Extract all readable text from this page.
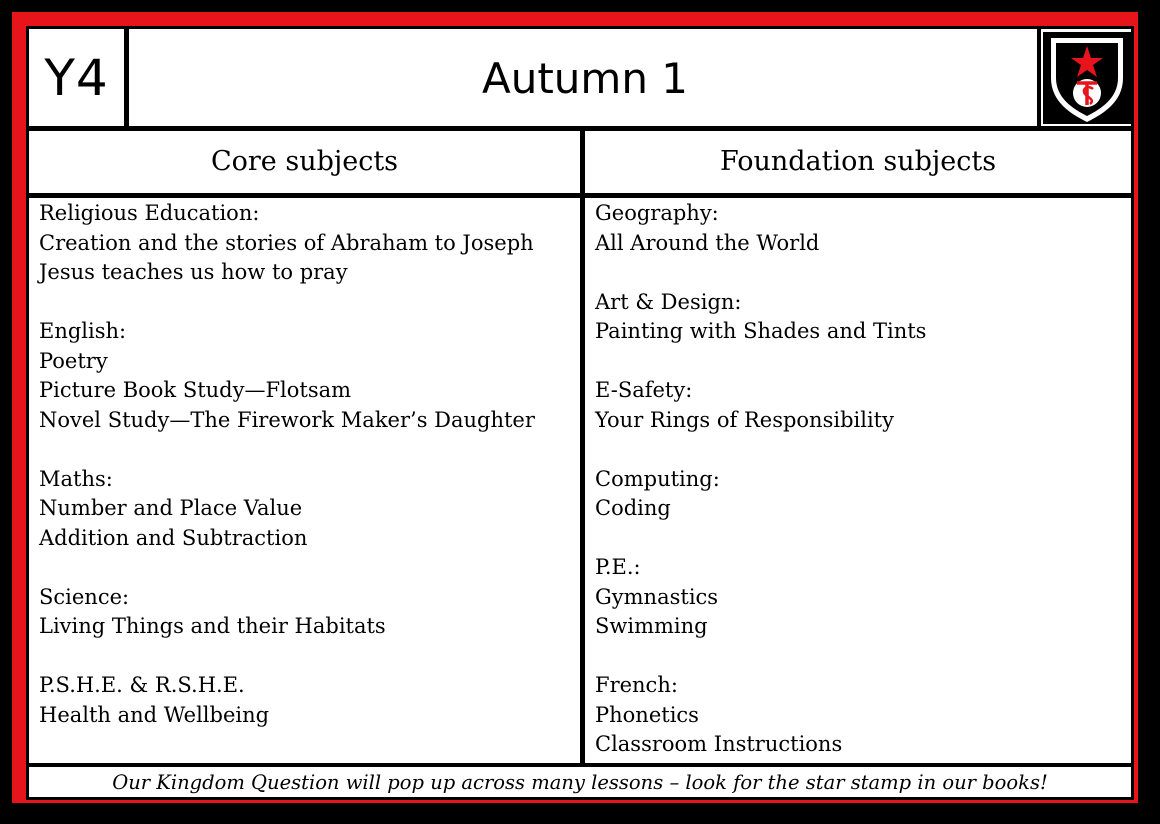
Y4	Autumn 1
Core subjects	Foundation subjects
Religious Education:
Creation and the stories of Abraham to Joseph
Jesus teaches us how to pray
English:
Poetry
Picture Book Study—Flotsam
Novel Study—The Firework Maker’s Daughter
Maths:
Number and Place Value
Addition and Subtraction
Science:
Living Things and their Habitats
P.S.H.E. & R.S.H.E.
Health and Wellbeing
Geography:
All Around the World
Art & Design:
Painting with Shades and Tints
E-Safety:
Your Rings of Responsibility
Computing:
Coding
P.E.:
Gymnastics
Swimming
French:
Phonetics
Classroom Instructions
Our Kingdom Question will pop up across many lessons – look for the star stamp in our books!
